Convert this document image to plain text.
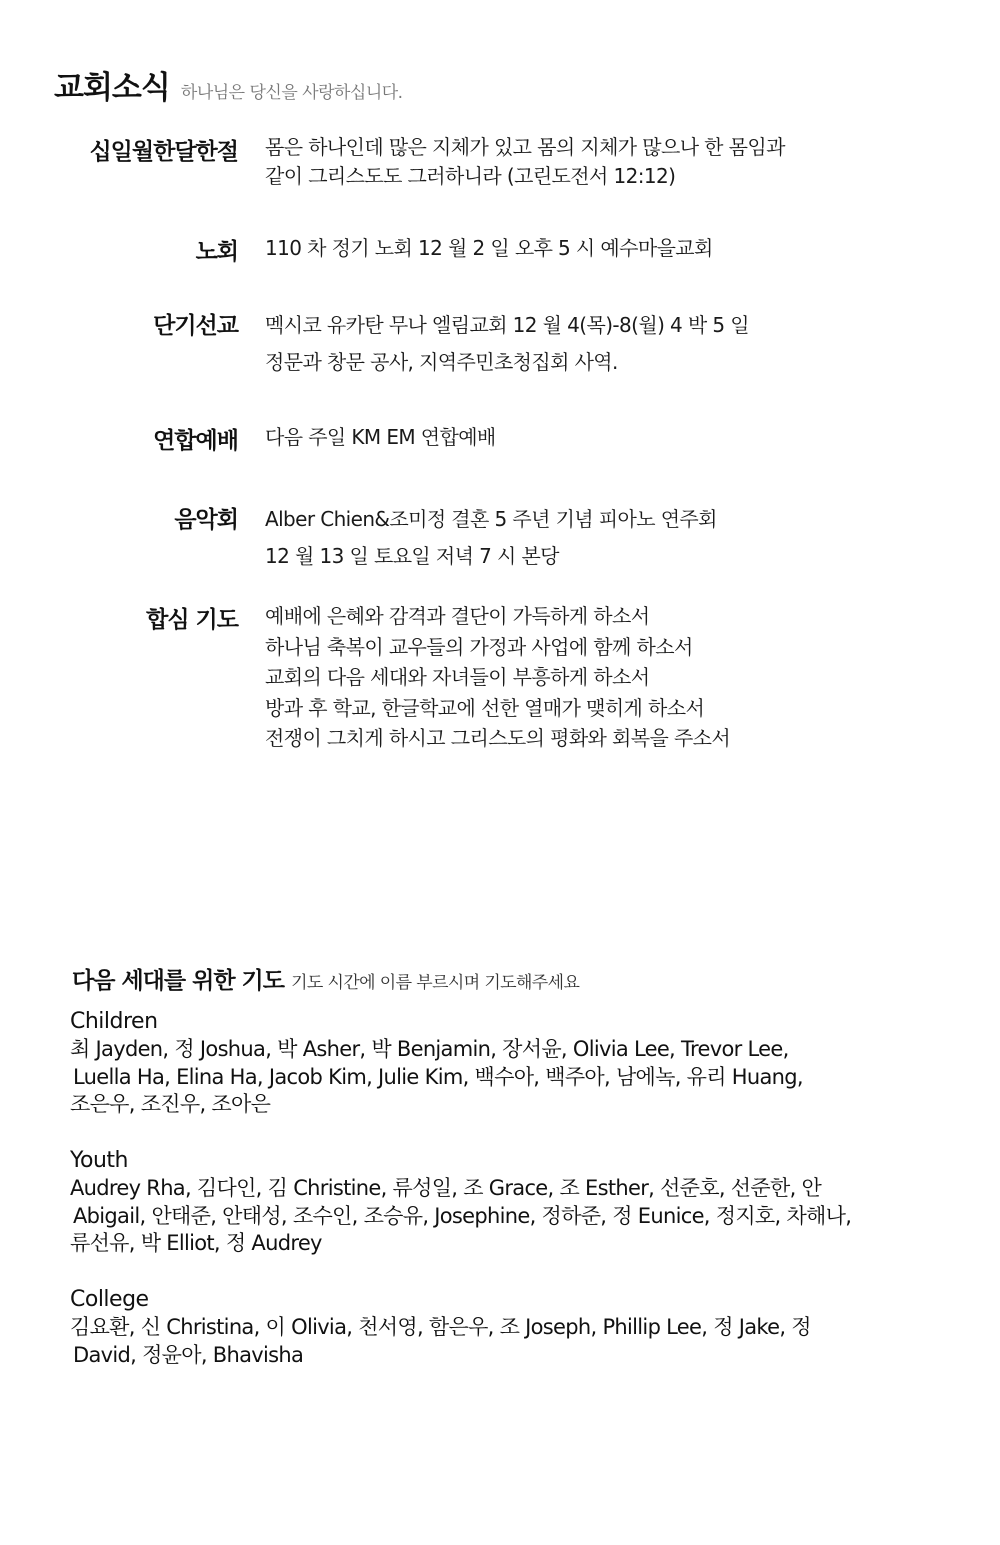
교회소식 하나님은 당신을 사랑하십니다.
십일월한달한절 몸은 하나인데 많은 지체가 있고 몸의 지체가 많으나 한 몸임과
같이 그리스도도 그러하니라 (고린도전서 12:12)
노회 110 차 정기 노회 12 월 2 일 오후 5 시 예수마을교회
단기선교 멕시코 유카탄 무나 엘림교회 12 월 4(목)-8(월) 4 박 5 일
정문과 창문 공사, 지역주민초청집회 사역.
연합예배 다음 주일 KM EM 연합예배
음악회 Alber Chien&조미정 결혼 5 주년 기념 피아노 연주회
12 월 13 일 토요일 저녁 7 시 본당
합심 기도 예배에 은혜와 감격과 결단이 가득하게 하소서
하나님 축복이 교우들의 가정과 사업에 함께 하소서
교회의 다음 세대와 자녀들이 부흥하게 하소서
방과 후 학교, 한글학교에 선한 열매가 맺히게 하소서
전쟁이 그치게 하시고 그리스도의 평화와 회복을 주소서
다음 세대를 위한 기도 기도 시간에 이름 부르시며 기도해주세요
Children
최 Jayden, 정 Joshua, 박 Asher, 박 Benjamin, 장서윤, Olivia Lee, Trevor Lee,
Luella Ha, Elina Ha, Jacob Kim, Julie Kim, 백수아, 백주아, 남에녹, 유리 Huang,
조은우, 조진우, 조아은
Youth
Audrey Rha, 김다인, 김 Christine, 류성일, 조 Grace, 조 Esther, 선준호, 선준한, 안
Abigail, 안태준, 안태성, 조수인, 조승유, Josephine, 정하준, 정 Eunice, 정지호, 차해나,
류선유, 박 Elliot, 정 Audrey
College
김요환, 신 Christina, 이 Olivia, 천서영, 함은우, 조 Joseph, Phillip Lee, 정 Jake, 정
David, 정윤아, Bhavisha
